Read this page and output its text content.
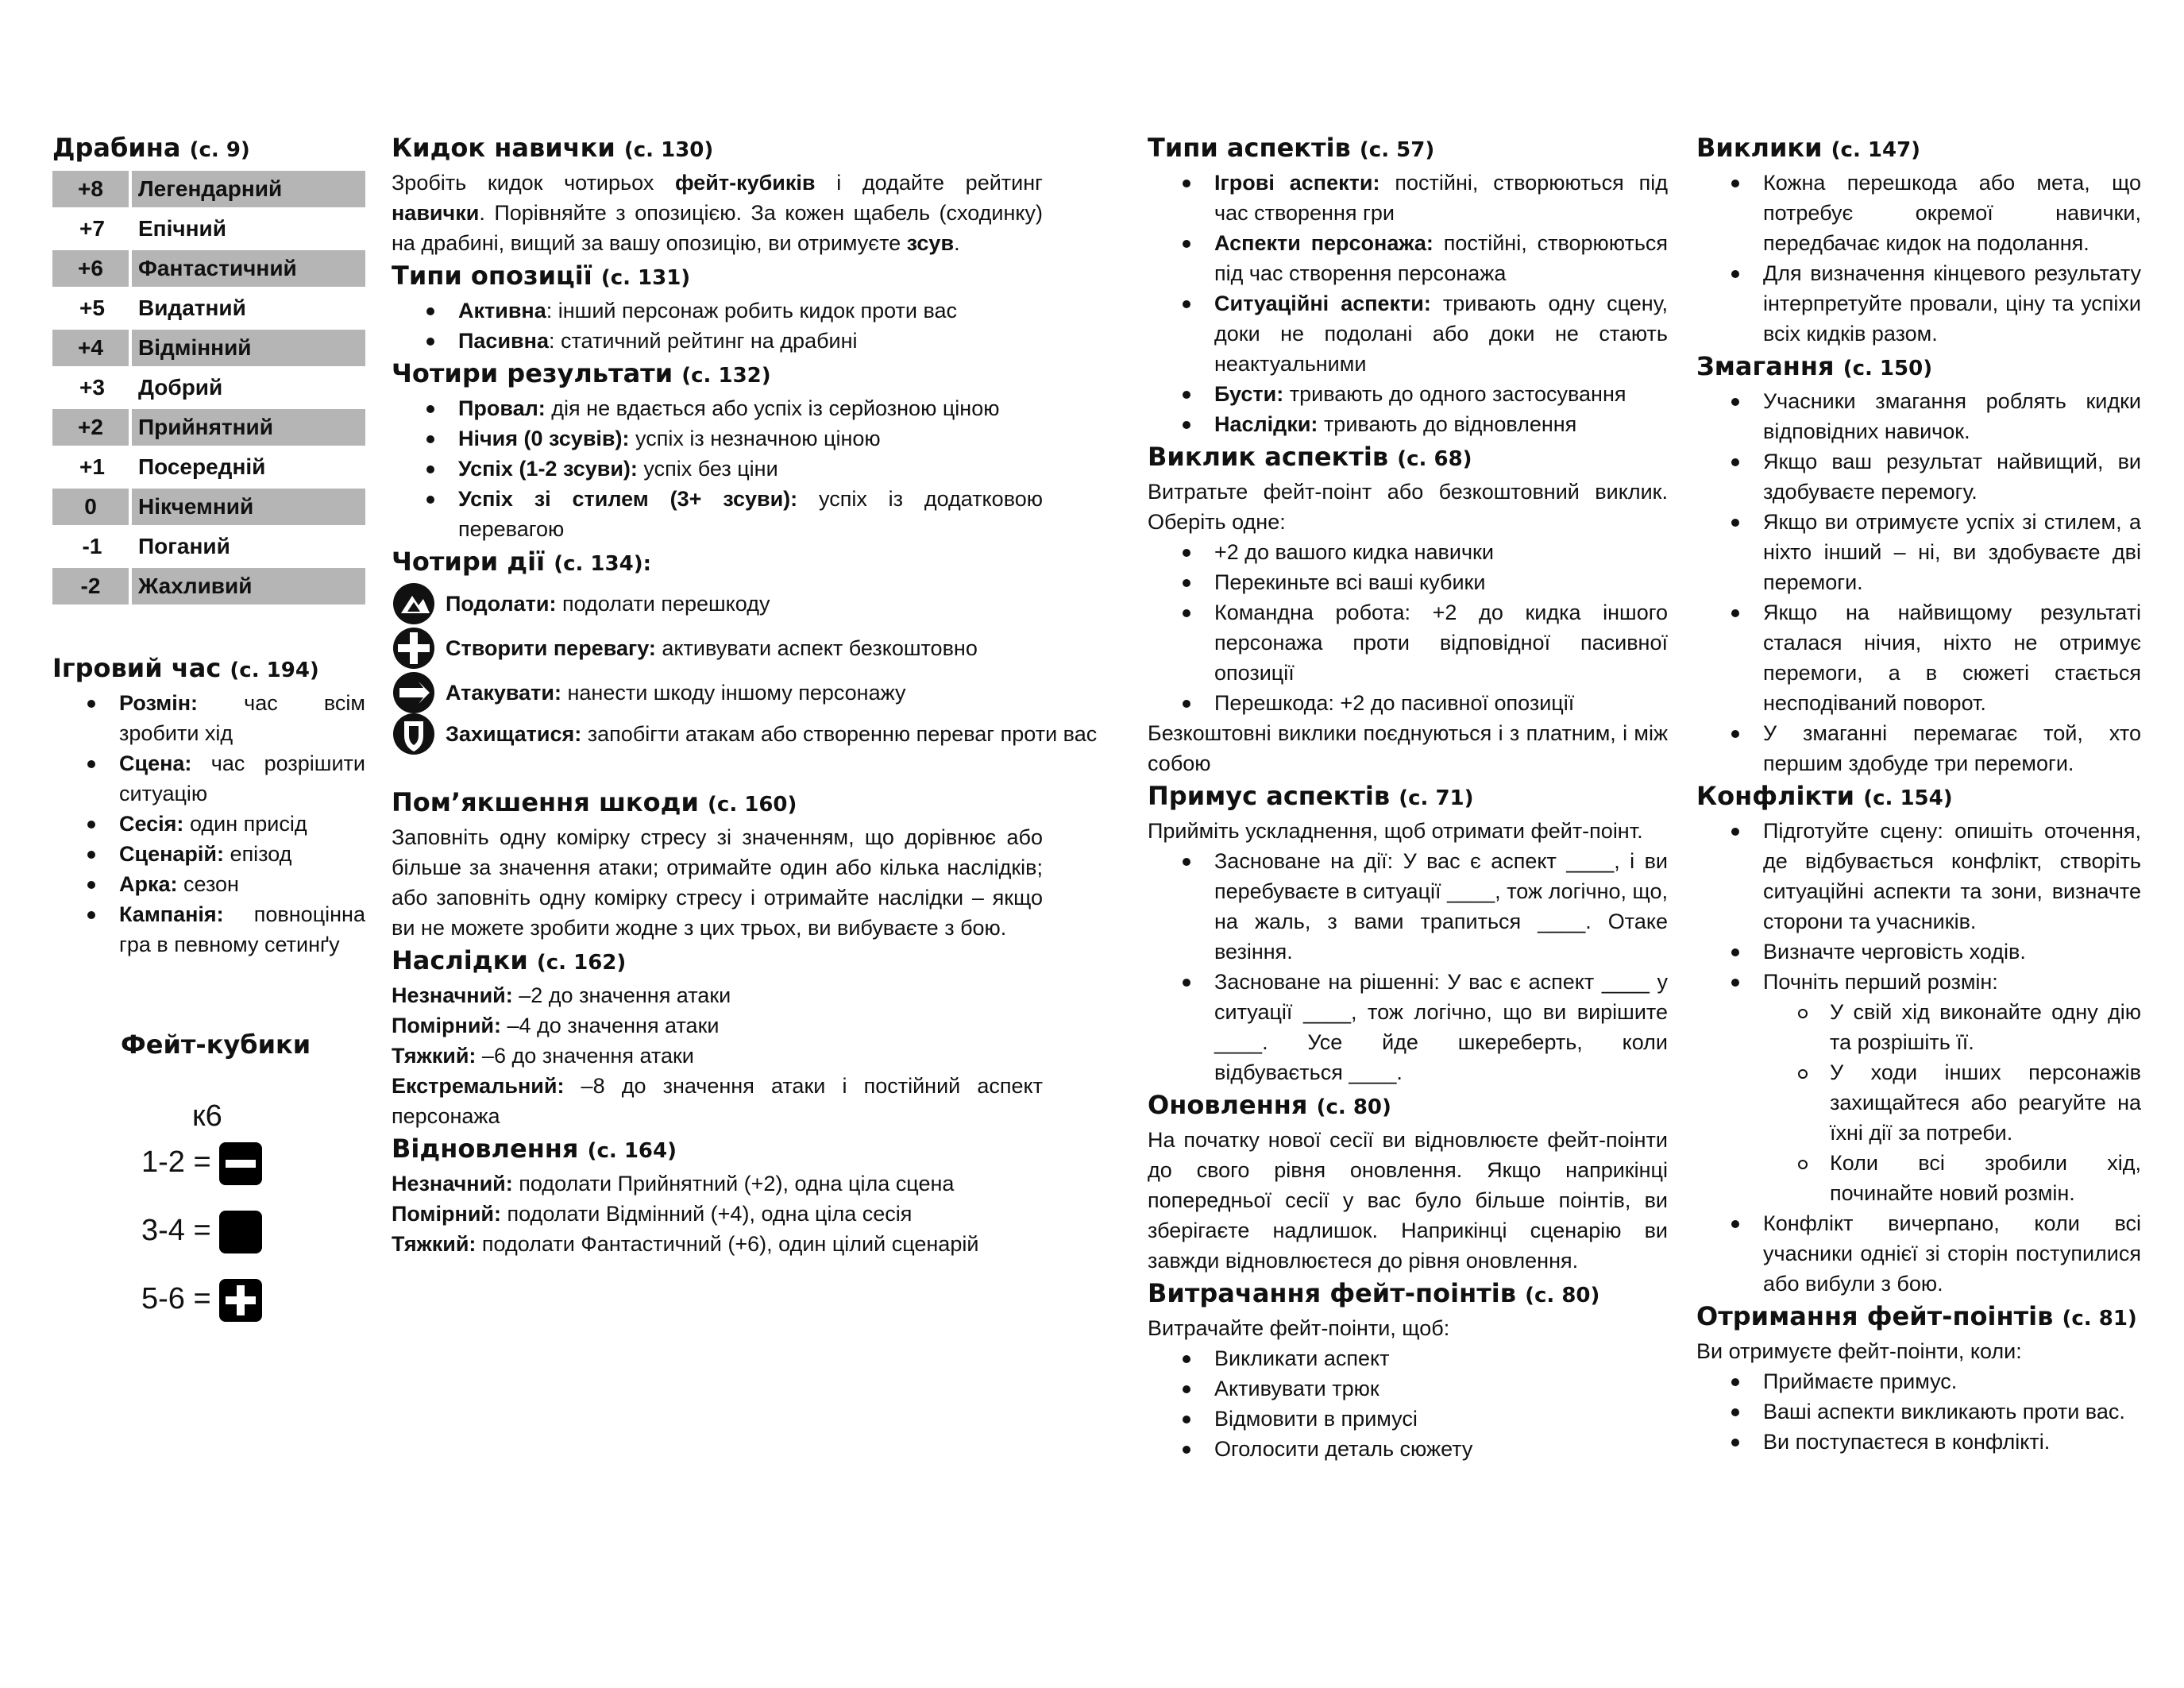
Драбина (с. 9)
+8	Легендарний
+7	Епічний
+6	Фантастичний
+5	Видатний
+4	Відмінний
+3	Добрий
+2	Прийнятний
+1	Посередній
0	Нікчемний
-1	Поганий
-2	Жахливий
Ігровий час (с. 194)
Розмін: час всім зробити хід
Сцена: час розрішити ситуацію
Сесія: один присід
Сценарій: епізод
Арка: сезон
Кампанія: повноцінна гра в певному сетинґу
Фейт-кубики
к6
1-2 =
3-4 =
5-6 =
Кидок навички (с. 130)

Зробіть кидок чотирьох фейт-кубиків і додайте рейтинг навички. Порівняйте з опозицією. За кожен щабель (сходинку) на драбині, вищий за вашу опозицію, ви отримуєте зсув.

Типи опозиції (с. 131)
Активна: інший персонаж робить кидок проти вас
Пасивна: статичний рейтинг на драбині
Чотири результати (с. 132)
Провал: дія не вдається або успіх із серйозною ціною
Нічия (0 зсувів): успіх із незначною ціною
Успіх (1-2 зсуви): успіх без ціни
Успіх зі стилем (3+ зсуви): успіх із додатковою перевагою
Чотири дії (с. 134):
Подолати: подолати перешкоду
Створити перевагу: активувати аспект безкоштовно
Атакувати: нанести шкоду іншому персонажу
Захищатися: запобігти атакам або створенню переваг проти вас
Пом’якшення шкоди (с. 160)

Заповніть одну комірку стресу зі значенням, що дорівнює або більше за значення атаки; отримайте один або кілька наслідків; або заповніть одну комірку стресу і отримайте наслідки – якщо ви не можете зробити жодне з цих трьох, ви вибуваєте з бою.

Наслідки (с. 162)

Незначний: –2 до значення атаки

Помірний: –4 до значення атаки

Тяжкий: –6 до значення атаки

Екстремальний: –8 до значення атаки і постійний аспект персонажа

Відновлення (с. 164)

Незначний: подолати Прийнятний (+2), одна ціла сцена

Помірний: подолати Відмінний (+4), одна ціла сесія

Тяжкий: подолати Фантастичний (+6), один цілий сценарій

Типи аспектів (с. 57)
Ігрові аспекти: постійні, створюються під час створення гри
Аспекти персонажа: постійні, створюються під час створення персонажа
Ситуаційні аспекти: тривають одну сцену, доки не подолані або доки не стають неактуальними
Бусти: тривають до одного застосування
Наслідки: тривають до відновлення
Виклик аспектів (с. 68)

Витратьте фейт-поінт або безкоштовний виклик. Оберіть одне:

+2 до вашого кидка навички
Перекиньте всі ваші кубики
Командна робота: +2 до кидка іншого персонажа проти відповідної пасивної опозиції
Перешкода: +2 до пасивної опозиції

Безкоштовні виклики поєднуються і з платним, і між собою

Примус аспектів (с. 71)

Прийміть ускладнення, щоб отримати фейт-поінт.

Засноване на дії: У вас є аспект ____, і ви перебуваєте в ситуації ____, тож логічно, що, на жаль, з вами трапиться ____. Отаке везіння.
Засноване на рішенні: У вас є аспект ____ у ситуації ____, тож логічно, що ви вирішите ____. Усе йде шкереберть, коли відбувається ____.
Оновлення (с. 80)

На початку нової сесії ви відновлюєте фейт-поінти до свого рівня оновлення. Якщо наприкінці попередньої сесії у вас було більше поінтів, ви зберігаєте надлишок. Наприкінці сценарію ви завжди відновлюєтеся до рівня оновлення.

Витрачання фейт-поінтів (с. 80)

Витрачайте фейт-поінти, щоб:

Викликати аспект
Активувати трюк
Відмовити в примусі
Оголосити деталь сюжету
Виклики (с. 147)
Кожна перешкода або мета, що потребує окремої навички, передбачає кидок на подолання.
Для визначення кінцевого результату інтерпретуйте провали, ціну та успіхи всіх кидків разом.
Змагання (с. 150)
Учасники змагання роблять кидки відповідних навичок.
Якщо ваш результат найвищий, ви здобуваєте перемогу.
Якщо ви отримуєте успіх зі стилем, а ніхто інший – ні, ви здобуваєте дві перемоги.
Якщо на найвищому результаті сталася нічия, ніхто не отримує перемоги, а в сюжеті стається несподіваний поворот.
У змаганні перемагає той, хто першим здобуде три перемоги.
Конфлікти (с. 154)
Підготуйте сцену: опишіть оточення, де відбувається конфлікт, створіть ситуаційні аспекти та зони, визначте сторони та учасників.
Визначте черговість ходів.
Почніть перший розмін:
У свій хід виконайте одну дію та розрішіть її.
У ходи інших персонажів захищайтеся або реагуйте на їхні дії за потреби.
Коли всі зробили хід, починайте новий розмін.
Конфлікт вичерпано, коли всі учасники однієї зі сторін поступилися або вибули з бою.
Отримання фейт-поінтів (с. 81)

Ви отримуєте фейт-поінти, коли:

Приймаєте примус.
Ваші аспекти викликають проти вас.
Ви поступаєтеся в конфлікті.
